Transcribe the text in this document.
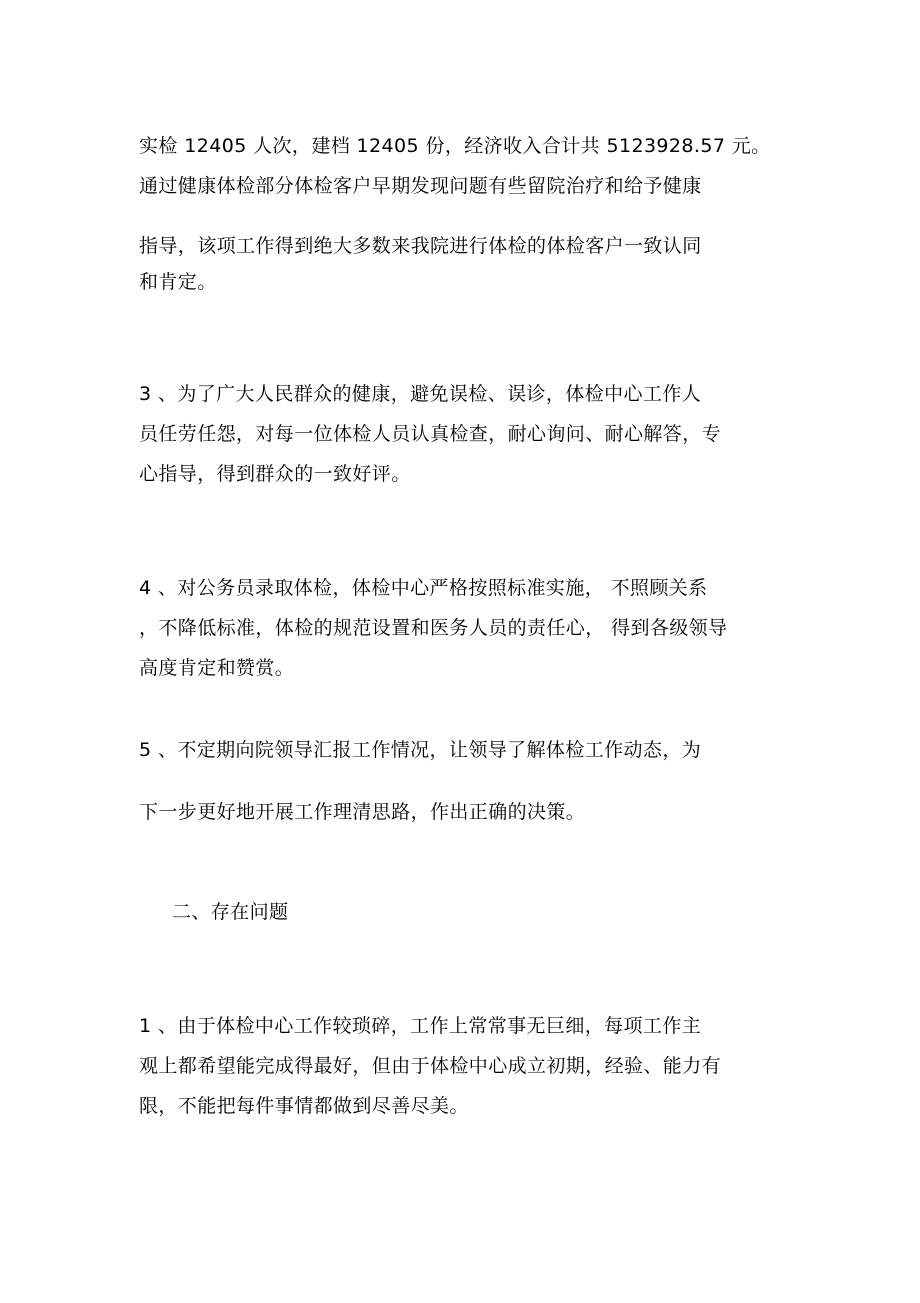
实检 12405 人次，建档 12405 份，经济收入合计共 5123928.57 元。
通过健康体检部分体检客户早期发现问题有些留院治疗和给予健康
指导，该项工作得到绝大多数来我院进行体检的体检客户一致认同
和肯定。
3 、为了广大人民群众的健康，避免误检、误诊，体检中心工作人
员任劳任怨，对每一位体检人员认真检查，耐心询问、耐心解答，专
心指导，得到群众的一致好评。
4 、对公务员录取体检，体检中心严格按照标准实施， 不照顾关系
，不降低标准，体检的规范设置和医务人员的责任心， 得到各级领导
高度肯定和赞赏。
5 、不定期向院领导汇报工作情况，让领导了解体检工作动态，为
下一步更好地开展工作理清思路，作出正确的决策。
二、存在问题
1 、由于体检中心工作较琐碎，工作上常常事无巨细，每项工作主
观上都希望能完成得最好，但由于体检中心成立初期，经验、能力有
限，不能把每件事情都做到尽善尽美。
